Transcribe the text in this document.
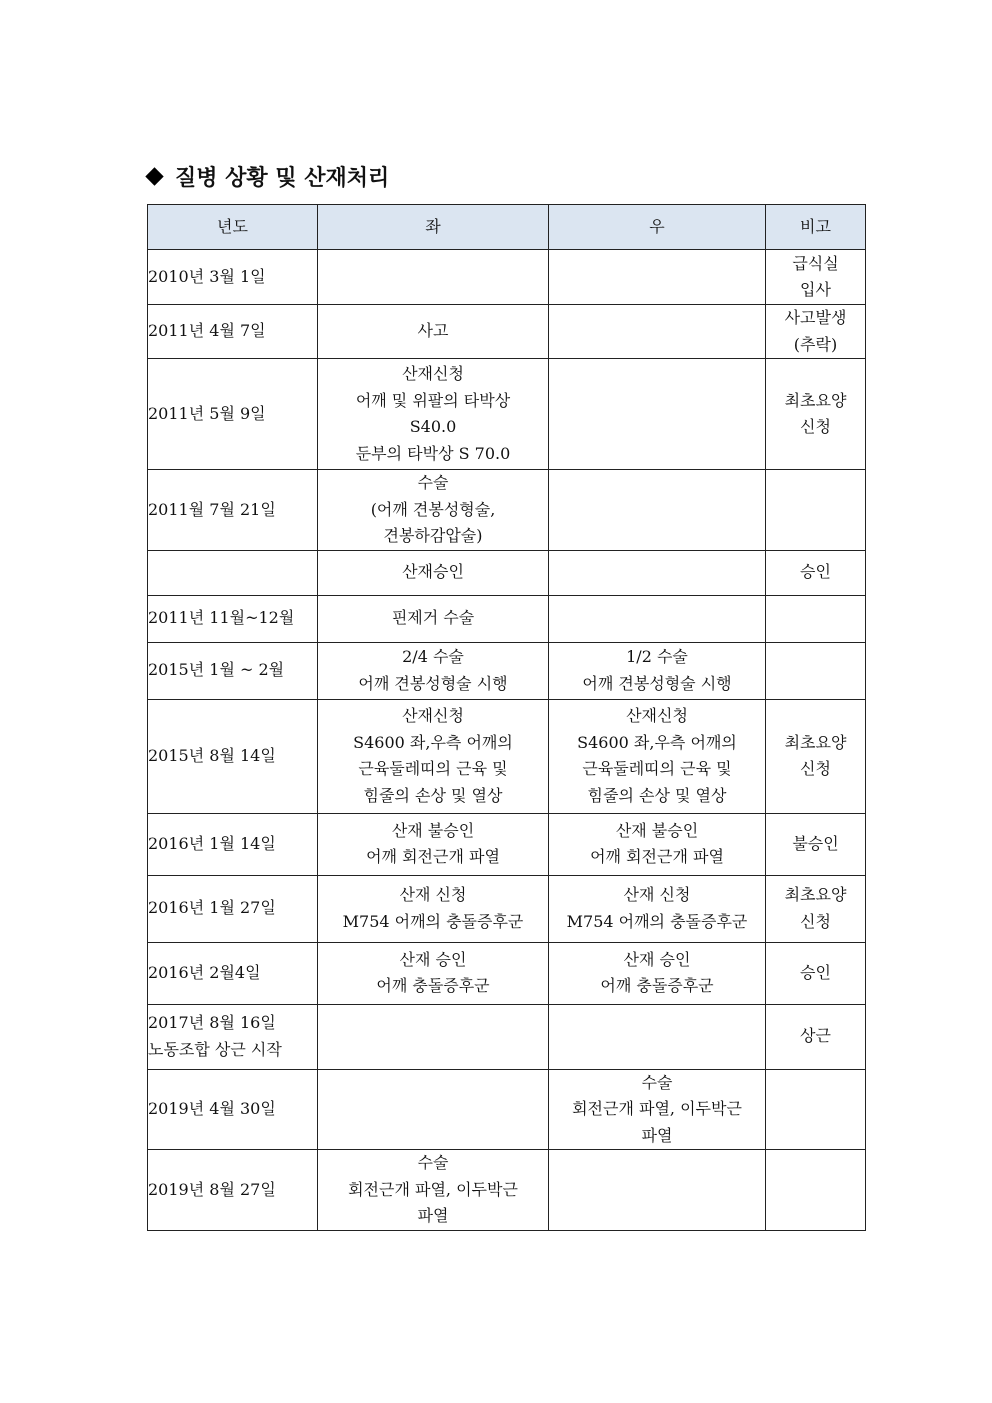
질병 상황 및 산재처리
년도	좌	우	비고

2010년 3월 1일			급식실
입사

2011년 4월 7일	사고		사고발생
(추락)

2011년 5월 9일	산재신청
어깨 및 위팔의 타박상
S40.0
둔부의 타박상 S 70.0		최초요양
신청

2011월 7월 21일	수술
(어깨 견봉성형술,
견봉하감압술)		

	산재승인		승인

2011년 11월~12월	핀제거 수술		

2015년 1월 ~ 2월	2/4 수술
어깨 견봉성형술 시행	1/2 수술
어깨 견봉성형술 시행	

2015년 8월 14일	산재신청
S4600 좌,우측 어깨의
근육둘레띠의 근육 및
힘줄의 손상 및 열상	산재신청
S4600 좌,우측 어깨의
근육둘레띠의 근육 및
힘줄의 손상 및 열상	최초요양
신청

2016년 1월 14일	산재 불승인
어깨 회전근개 파열	산재 불승인
어깨 회전근개 파열	불승인

2016년 1월 27일	산재 신청
M754 어깨의 충돌증후군	산재 신청
M754 어깨의 충돌증후군	최초요양
신청

2016년 2월4일	산재 승인
어깨 충돌증후군	산재 승인
어깨 충돌증후군	승인

2017년 8월 16일
노동조합 상근 시작			상근

2019년 4월 30일		수술
회전근개 파열, 이두박근
파열	

2019년 8월 27일	수술
회전근개 파열, 이두박근
파열		
